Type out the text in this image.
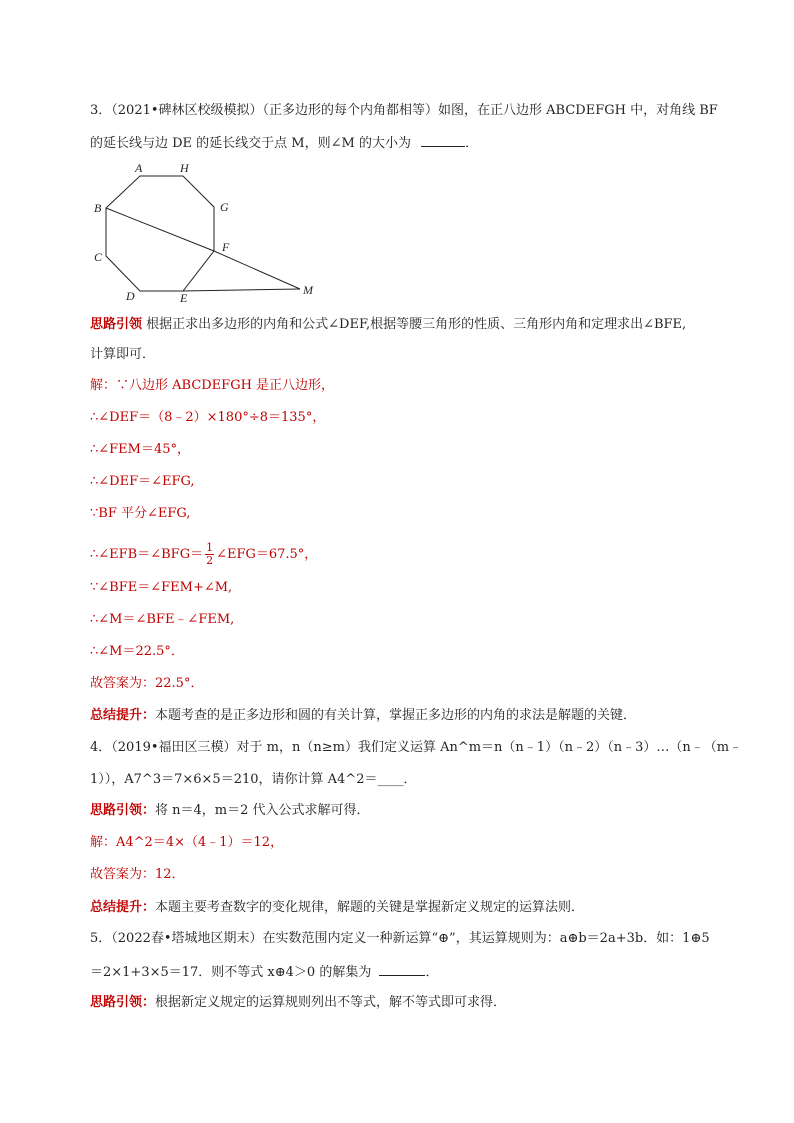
3．（2021•碑林区校级模拟）（正多边形的每个内角都相等）如图，在正八边形 ABCDEFGH 中，对角线 BF
的延长线与边 DE 的延长线交于点 M，则∠M 的大小为	．
A	H
B	G
C
F
D	E
M
思路引领 根据正求出多边形的内角和公式∠DEF,根据等腰三角形的性质、三角形内角和定理求出∠BFE,
计算即可．
解：∵八边形 ABCDEFGH 是正八边形，
∴∠DEF＝（8﹣2）×180°÷8＝135°，
∴∠FEM＝45°，
∴∠DEF＝∠EFG,
∵BF 平分∠EFG,
∴∠EFB＝∠BFG＝ $\frac{1}{2}$ ∠EFG＝67.5°，
∵∠BFE＝∠FEM+∠M,
∴∠M＝∠BFE﹣∠FEM,
∴∠M＝22.5°．
故答案为：22.5°．
总结提升：本题考查的是正多边形和圆的有关计算，掌握正多边形的内角的求法是解题的关键．
4．（2019•福田区三模）对于 m，n（n≥m）我们定义运算 An^m＝n（n﹣1）（n﹣2）（n﹣3）…（n﹣（m﹣
1）），A7^3＝7×6×5＝210，请你计算 A4^2＝____．
思路引领：将 n＝4，m＝2 代入公式求解可得．
解：A4^2＝4×（4﹣1）＝12，
故答案为：12．
总结提升：本题主要考查数字的变化规律，解题的关键是掌握新定义规定的运算法则．
5．（2022春•塔城地区期末）在实数范围内定义一种新运算“⊕”，其运算规则为：a⊕b＝2a+3b．如：1⊕5
＝2×1+3×5＝17．则不等式 x⊕4＞0 的解集为	．
思路引领：根据新定义规定的运算规则列出不等式，解不等式即可求得．
